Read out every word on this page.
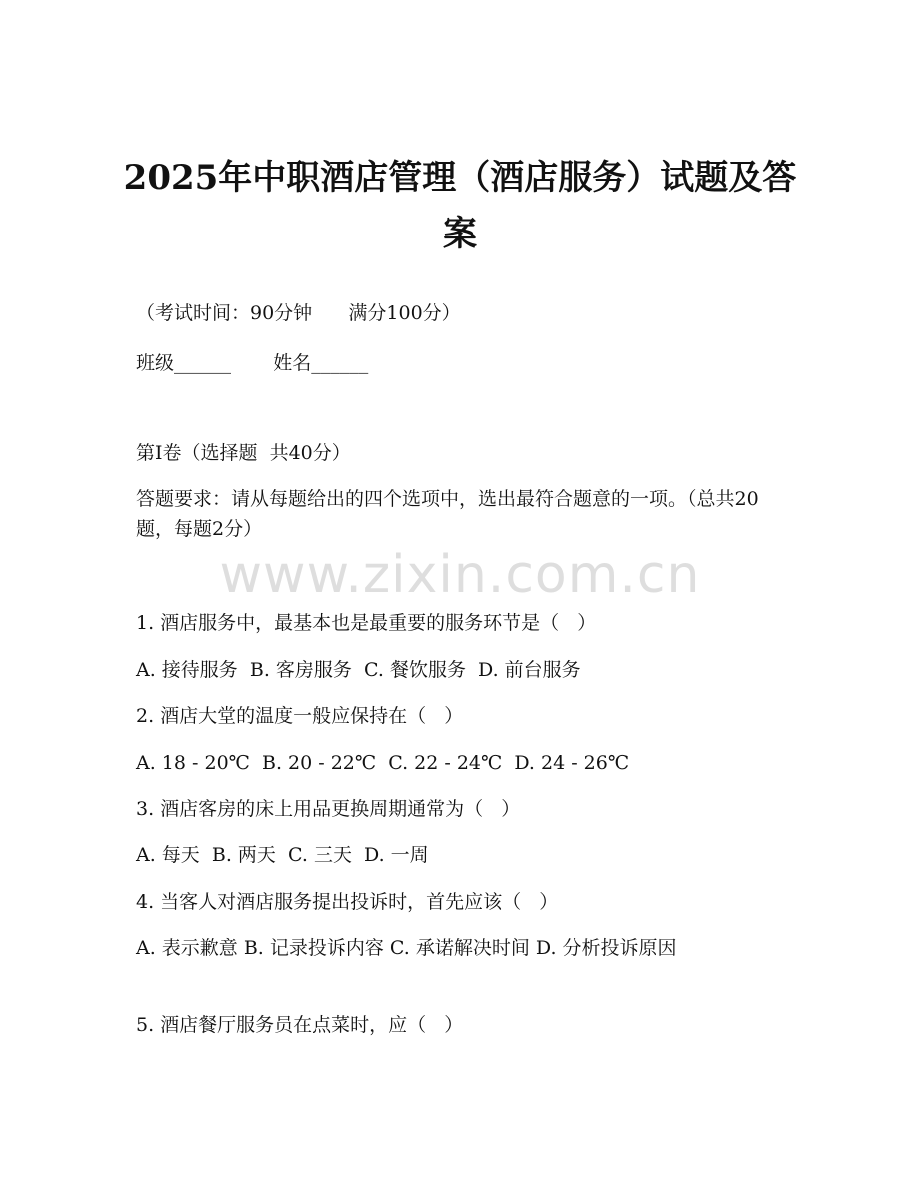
2025年中职酒店管理（酒店服务）试题及答案
（考试时间：90分钟      满分100分）
班级______       姓名______
第I卷（选择题  共40分）
答题要求：请从每题给出的四个选项中，选出最符合题意的一项。（总共20题，每题2分）
www.zixin.com.cn
1. 酒店服务中，最基本也是最重要的服务环节是（   ）
A. 接待服务  B. 客房服务  C. 餐饮服务  D. 前台服务
2. 酒店大堂的温度一般应保持在（   ）
A. 18 - 20℃  B. 20 - 22℃  C. 22 - 24℃  D. 24 - 26℃
3. 酒店客房的床上用品更换周期通常为（   ）
A. 每天  B. 两天  C. 三天  D. 一周
4. 当客人对酒店服务提出投诉时，首先应该（   ）
A. 表示歉意 B. 记录投诉内容 C. 承诺解决时间 D. 分析投诉原因
5. 酒店餐厅服务员在点菜时，应（   ）
